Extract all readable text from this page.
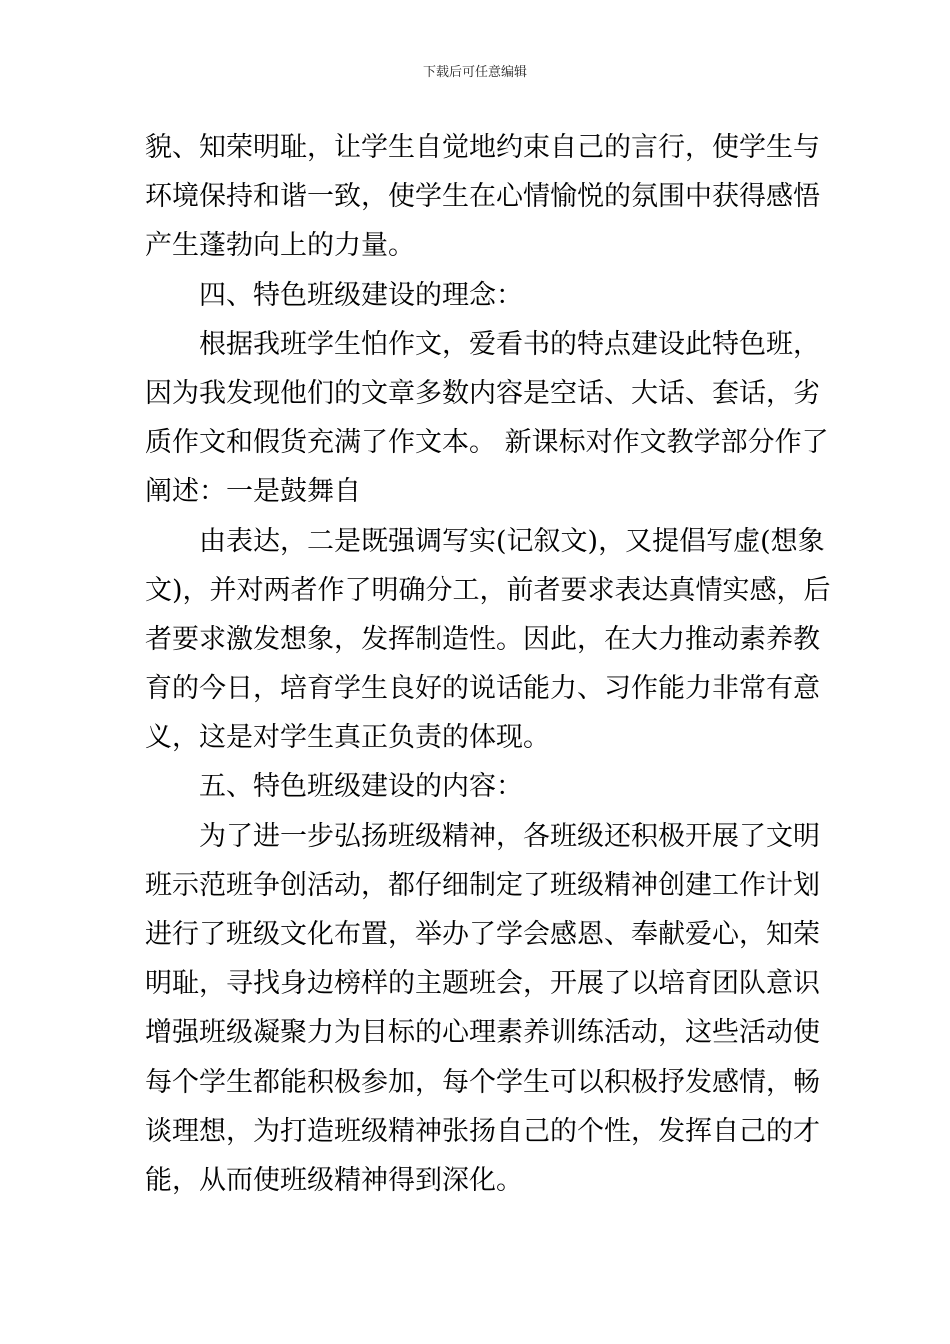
下载后可任意编辑
貌、知荣明耻，让学生自觉地约束自己的言行，使学生与
环境保持和谐一致，使学生在心情愉悦的氛围中获得感悟
产生蓬勃向上的力量。
四、特色班级建设的理念：
根据我班学生怕作文，爱看书的特点建设此特色班，
因为我发现他们的文章多数内容是空话、大话、套话，劣
质作文和假货充满了作文本。 新课标对作文教学部分作了
阐述：一是鼓舞自
由表达，二是既强调写实(记叙文)，又提倡写虚(想象
文)，并对两者作了明确分工，前者要求表达真情实感，后
者要求激发想象，发挥制造性。因此，在大力推动素养教
育的今日，培育学生良好的说话能力、习作能力非常有意
义，这是对学生真正负责的体现。
五、特色班级建设的内容：
为了进一步弘扬班级精神，各班级还积极开展了文明
班示范班争创活动，都仔细制定了班级精神创建工作计划
进行了班级文化布置，举办了学会感恩、奉献爱心，知荣
明耻，寻找身边榜样的主题班会，开展了以培育团队意识
增强班级凝聚力为目标的心理素养训练活动，这些活动使
每个学生都能积极参加，每个学生可以积极抒发感情，畅
谈理想，为打造班级精神张扬自己的个性，发挥自己的才
能，从而使班级精神得到深化。
